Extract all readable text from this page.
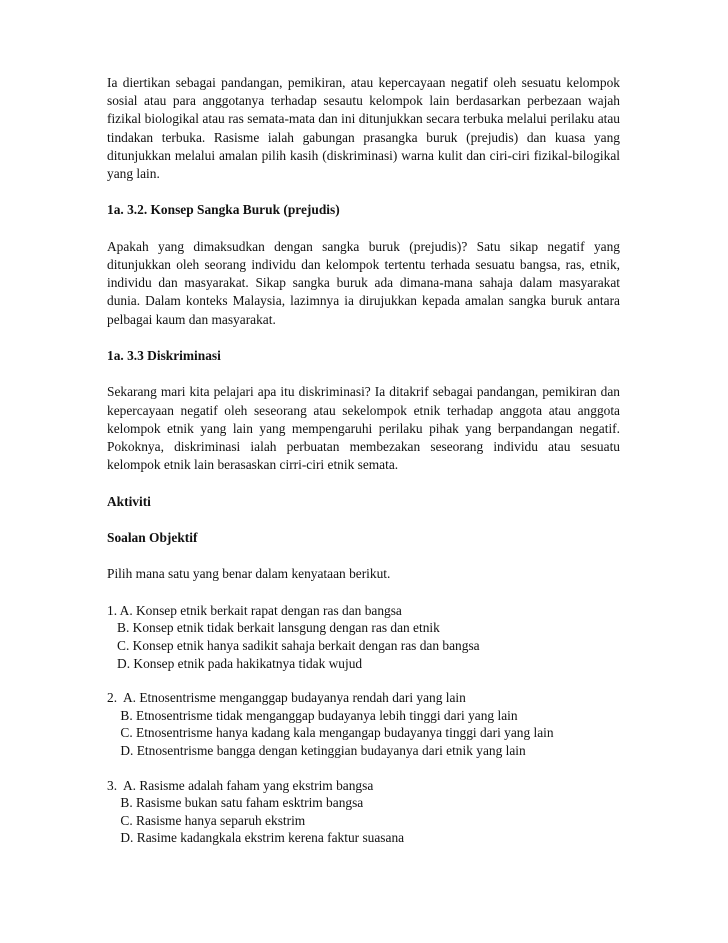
Ia diertikan sebagai pandangan, pemikiran, atau kepercayaan negatif oleh sesuatu kelompok sosial atau para anggotanya terhadap sesautu kelompok lain berdasarkan perbezaan wajah fizikal biologikal atau ras semata-mata dan ini ditunjukkan secara terbuka melalui perilaku atau tindakan terbuka. Rasisme ialah gabungan prasangka buruk (prejudis) dan kuasa yang ditunjukkan melalui amalan pilih kasih (diskriminasi) warna kulit dan ciri-ciri fizikal-bilogikal yang lain.

1a. 3.2. Konsep Sangka Buruk (prejudis)

Apakah yang dimaksudkan dengan sangka buruk (prejudis)? Satu sikap negatif yang ditunjukkan oleh seorang individu dan kelompok tertentu terhada sesuatu bangsa, ras, etnik, individu dan masyarakat. Sikap sangka buruk ada dimana-mana sahaja dalam masyarakat dunia. Dalam konteks Malaysia, lazimnya ia dirujukkan kepada amalan sangka buruk antara pelbagai kaum dan masyarakat.

1a. 3.3 Diskriminasi

Sekarang mari kita pelajari apa itu diskriminasi? Ia ditakrif sebagai pandangan, pemikiran dan kepercayaan negatif oleh seseorang atau sekelompok etnik terhadap anggota atau anggota kelompok etnik yang lain yang mempengaruhi perilaku pihak yang berpandangan negatif. Pokoknya, diskriminasi ialah perbuatan membezakan seseorang individu atau sesuatu kelompok etnik lain berasaskan cirri-ciri etnik semata.

Aktiviti

Soalan Objektif

Pilih mana satu yang benar dalam kenyataan berikut.

1. A. Konsep etnik berkait rapat dengan ras dan bangsa

B. Konsep etnik tidak berkait lansgung dengan ras dan etnik

C. Konsep etnik hanya sadikit sahaja berkait dengan ras dan bangsa

D. Konsep etnik pada hakikatnya tidak wujud

2.  A. Etnosentrisme menganggap budayanya rendah dari yang lain

B. Etnosentrisme tidak menganggap budayanya lebih tinggi dari yang lain

C. Etnosentrisme hanya kadang kala mengangap budayanya tinggi dari yang lain

D. Etnosentrisme bangga dengan ketinggian budayanya dari etnik yang lain

3.  A. Rasisme adalah faham yang ekstrim bangsa

B. Rasisme bukan satu faham esktrim bangsa

C. Rasisme hanya separuh ekstrim

D. Rasime kadangkala ekstrim kerena faktur suasana
